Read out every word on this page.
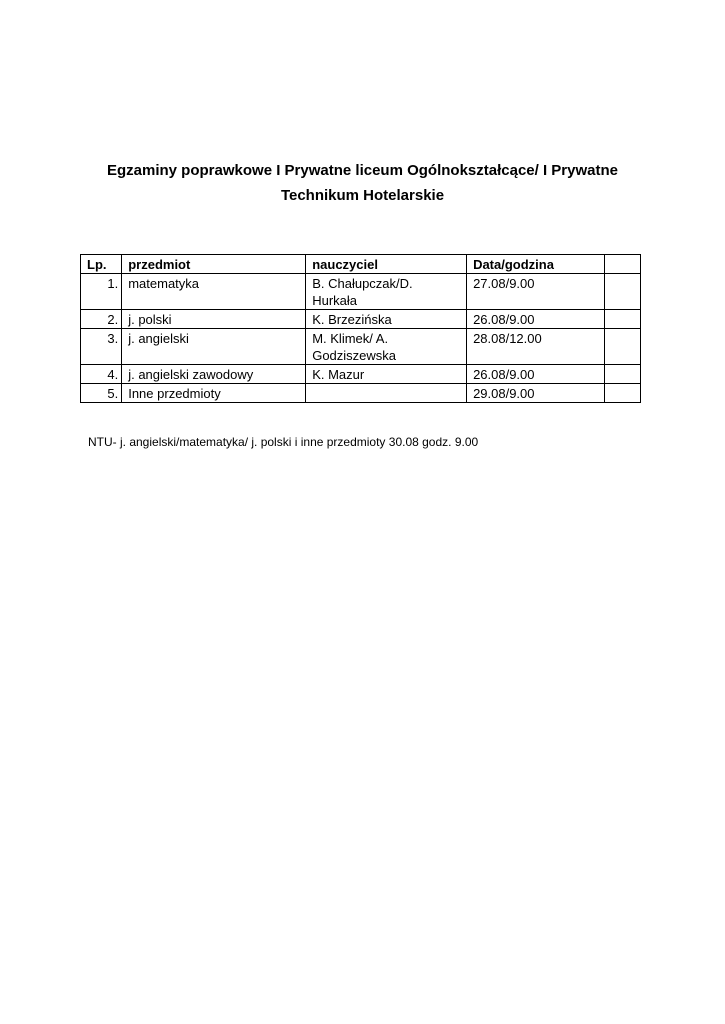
Egzaminy poprawkowe I Prywatne liceum Ogólnokształcące/ I Prywatne
Technikum Hotelarskie
Lp.	przedmiot	nauczyciel	Data/godzina	
1.	matematyka	B. Chałupczak/D. Hurkała	27.08/9.00	
2.	j. polski	K. Brzezińska	26.08/9.00	
3.	j. angielski	M. Klimek/ A. Godziszewska	28.08/12.00	
4.	j. angielski zawodowy	K. Mazur	26.08/9.00	
5.	Inne przedmioty		29.08/9.00	
NTU- j. angielski/matematyka/ j. polski i inne przedmioty 30.08 godz. 9.00
